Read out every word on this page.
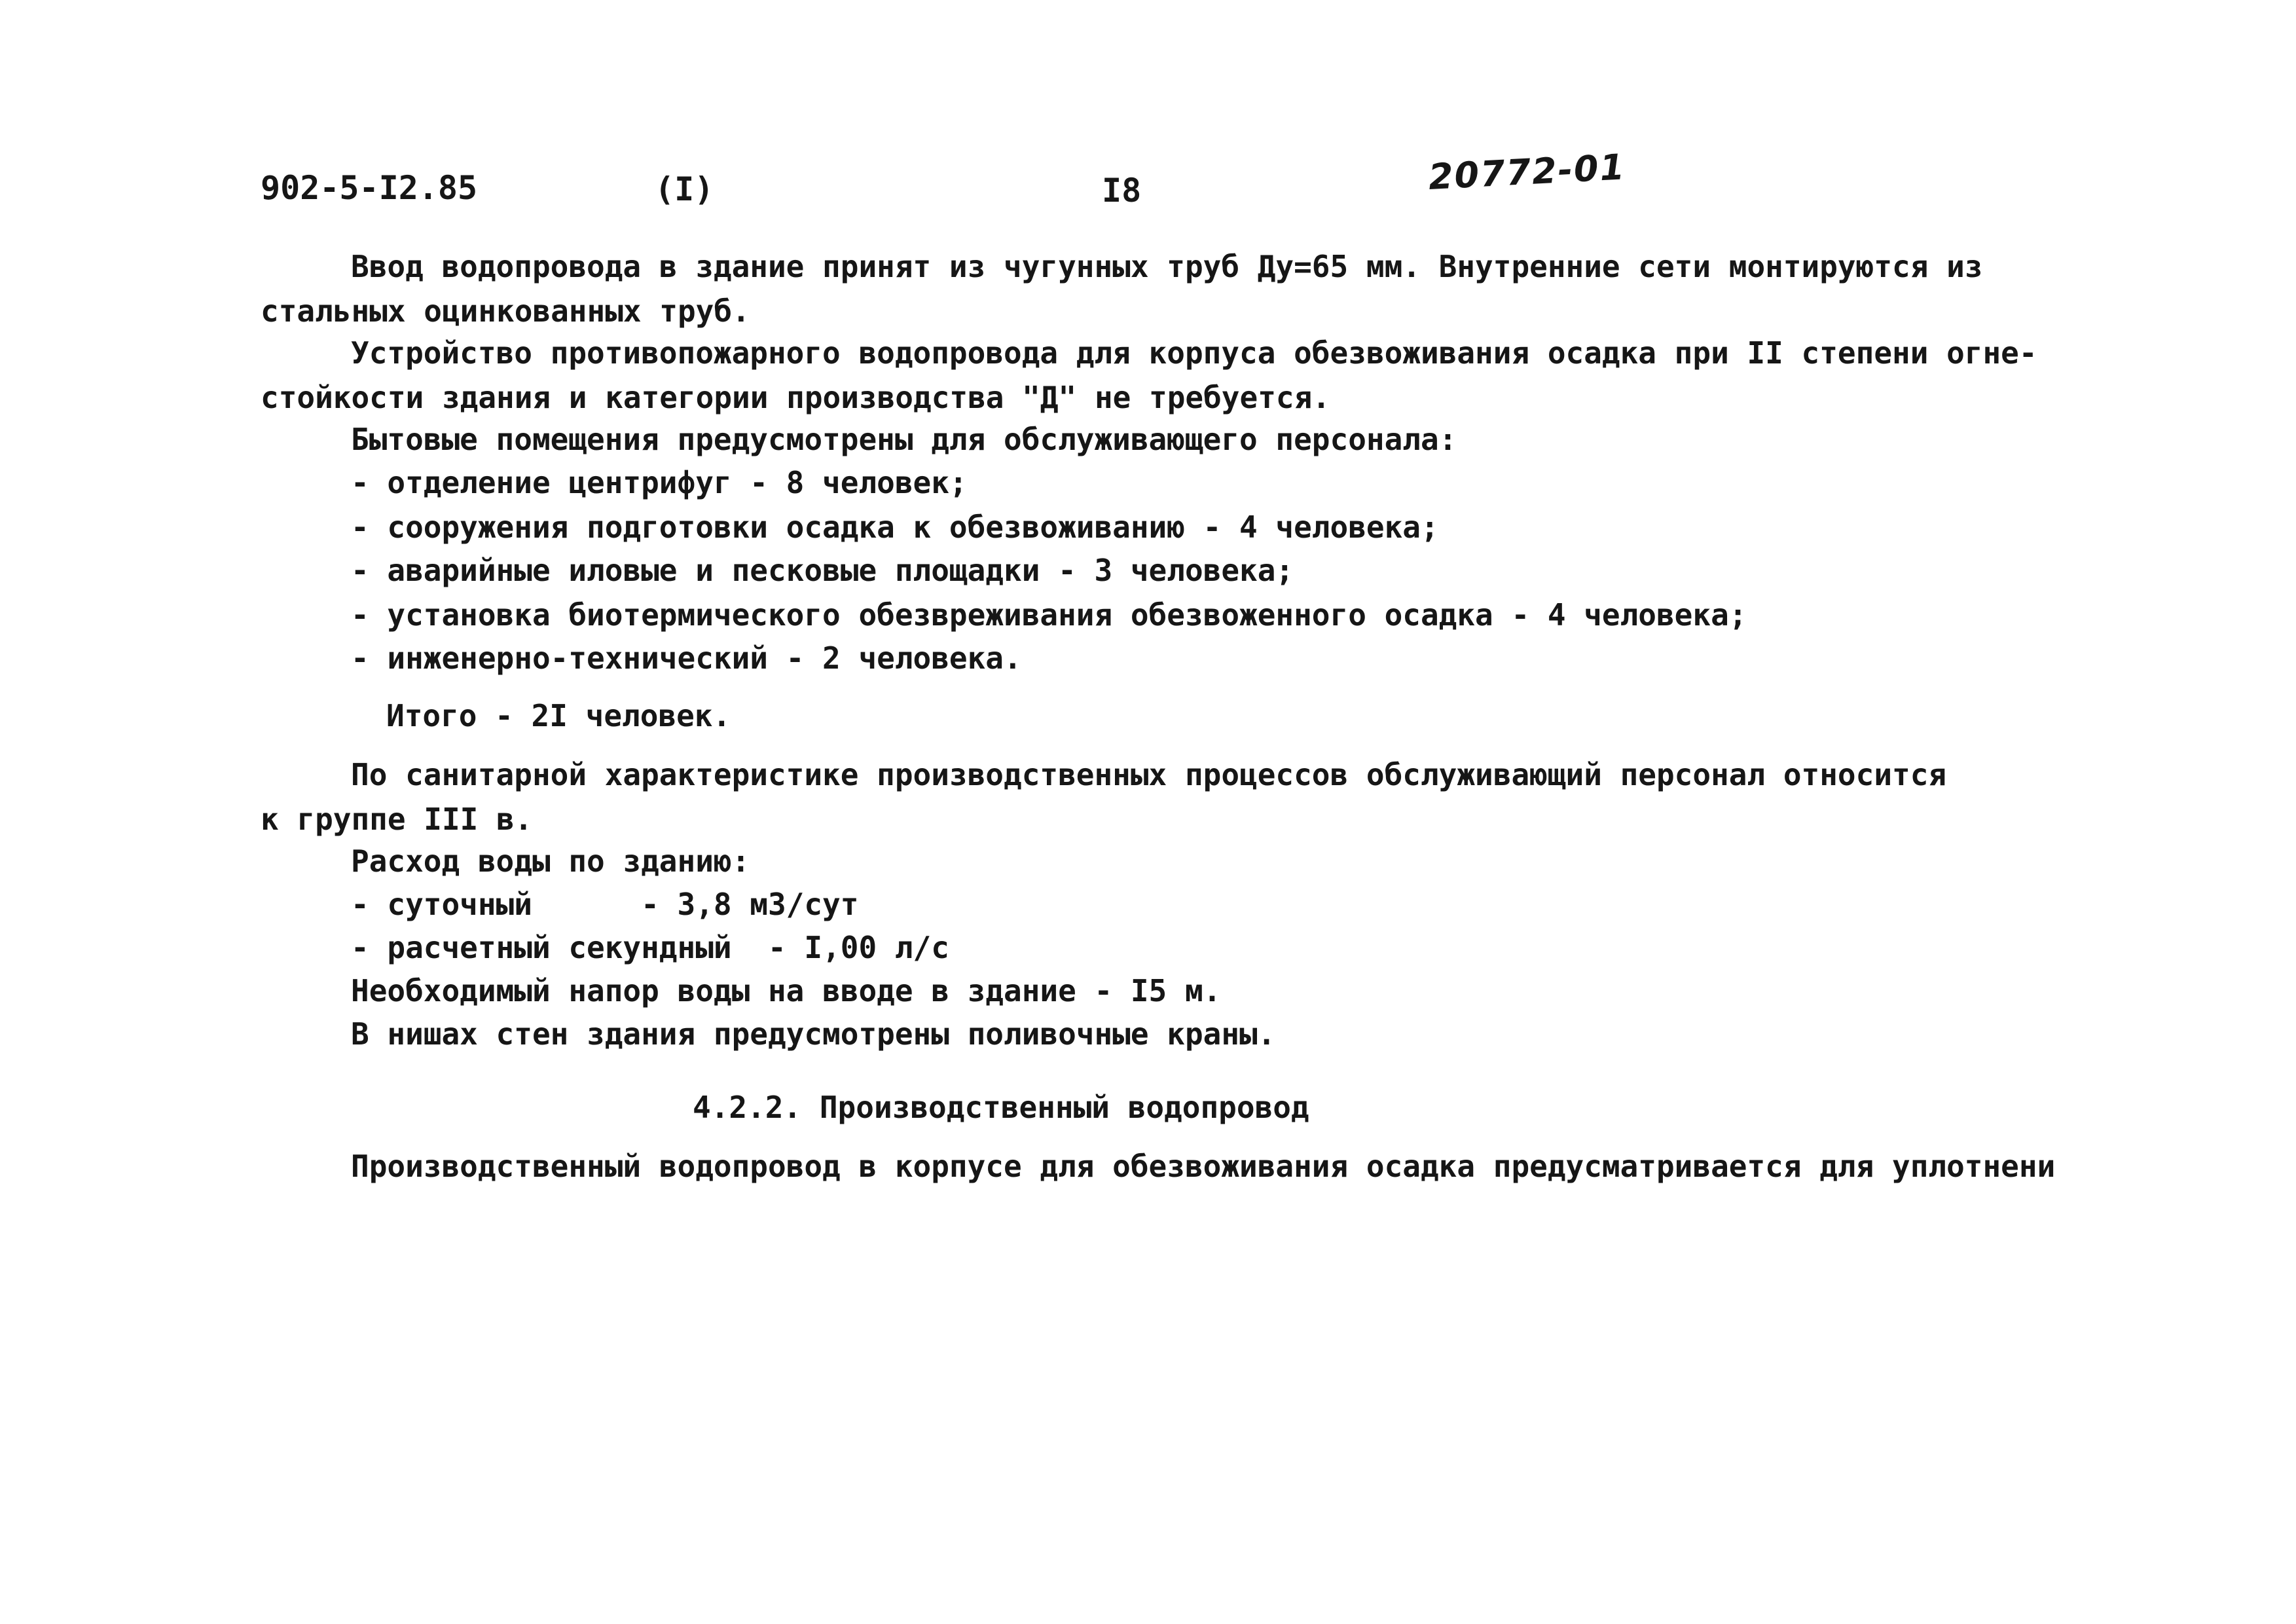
902-5-I2.85	(I)	I8	20772-01
Ввод водопровода в здание принят из чугунных труб Ду=65 мм. Внутренние сети монтируются из
стальных оцинкованных труб.
Устройство противопожарного водопровода для корпуса обезвоживания осадка при II степени огне-
стойкости здания и категории производства "Д" не требуется.
Бытовые помещения предусмотрены для обслуживающего персонала:
- отделение центрифуг - 8 человек;
- сооружения подготовки осадка к обезвоживанию - 4 человека;
- аварийные иловые и песковые площадки - 3 человека;
- установка биотермического обезвреживания обезвоженного осадка - 4 человека;
- инженерно-технический - 2 человека.
Итого - 2I человек.
По санитарной характеристике производственных процессов обслуживающий персонал относится
к группе III в.
Расход воды по зданию:
- суточный      - 3,8 м3/сут
- расчетный секундный  - I,00 л/с
Необходимый напор воды на вводе в здание - I5 м.
В нишах стен здания предусмотрены поливочные краны.
4.2.2. Производственный водопровод
Производственный водопровод в корпусе для обезвоживания осадка предусматривается для уплотнени
